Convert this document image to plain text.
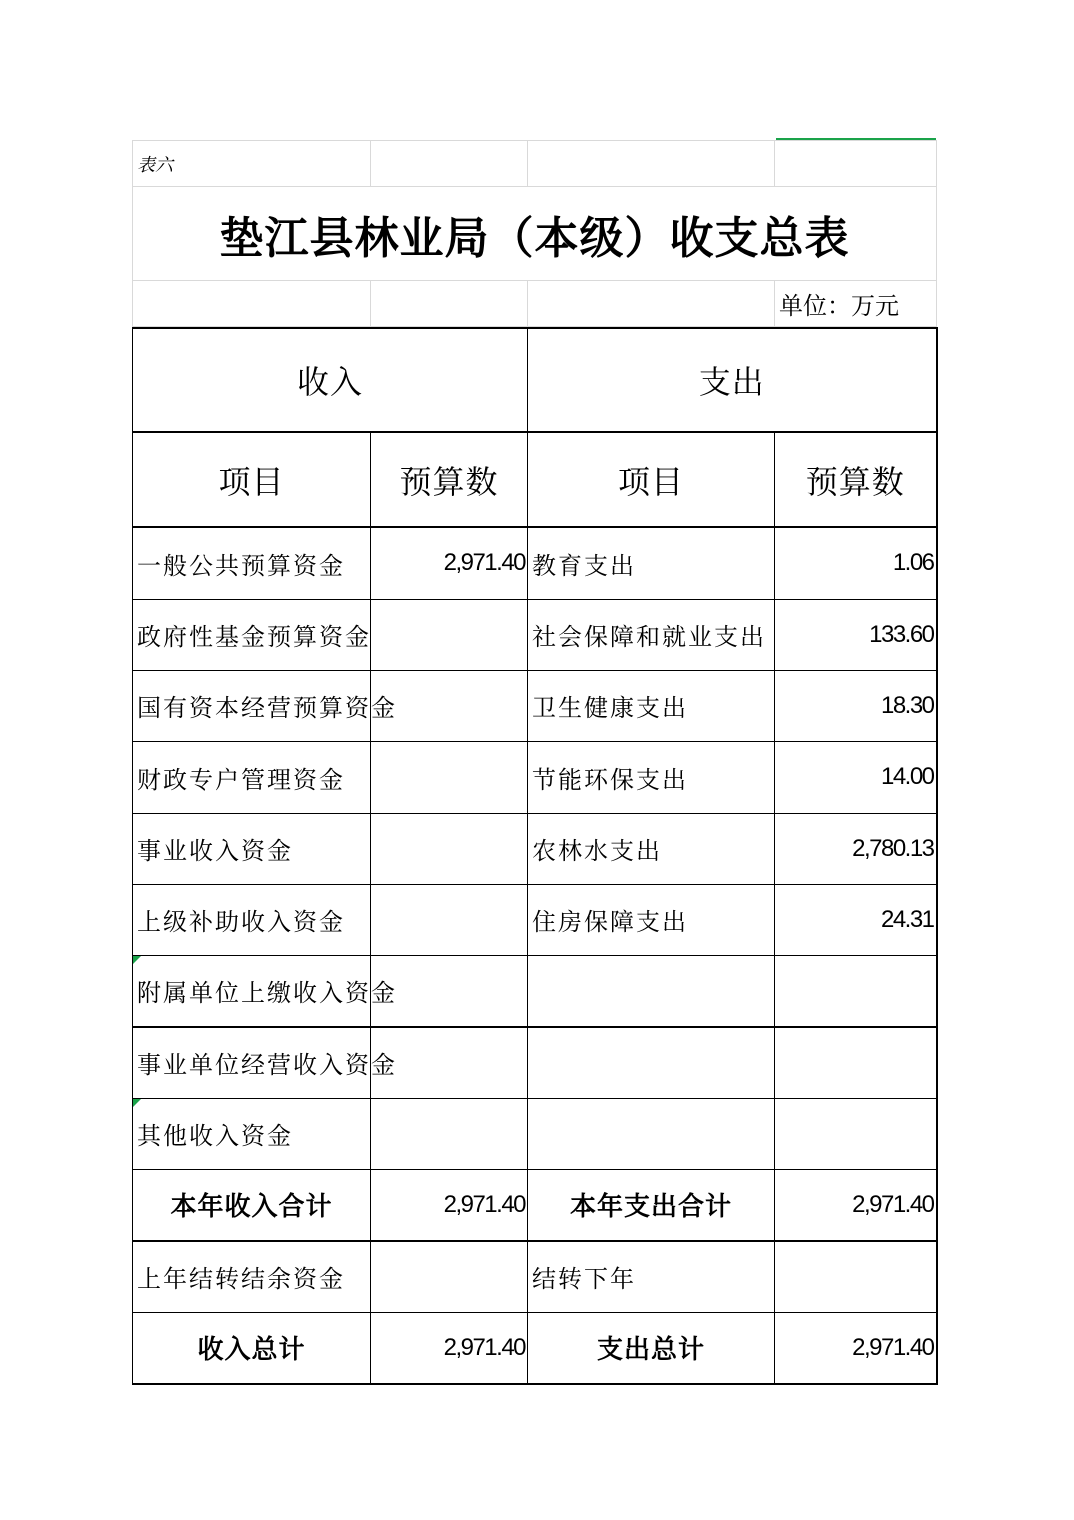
表六			
垫江县林业局（本级）收支总表			
			单位：万元
收入		支出	
项目	预算数	项目	预算数
一般公共预算资金	2,971.40	教育支出	1.06
政府性基金预算资金		社会保障和就业支出	133.60
国有资本经营预算资金		卫生健康支出	18.30
财政专户管理资金		节能环保支出	14.00
事业收入资金		农林水支出	2,780.13
上级补助收入资金		住房保障支出	24.31
附属单位上缴收入资金			
事业单位经营收入资金			
其他收入资金			
本年收入合计	2,971.40	本年支出合计	2,971.40
上年结转结余资金		结转下年	
收入总计	2,971.40	支出总计	2,971.40
